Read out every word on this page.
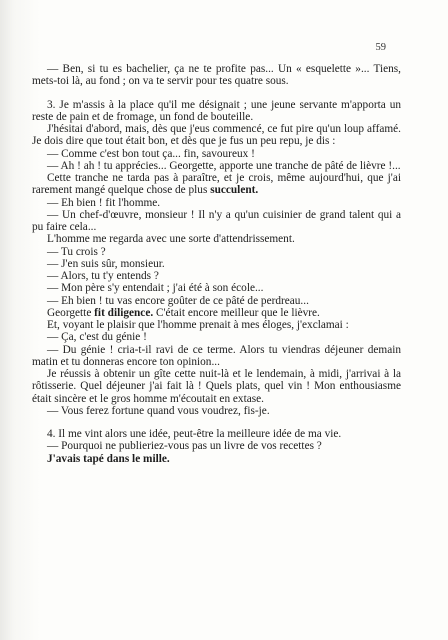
59

— Ben, si tu es bachelier, ça ne te profite pas... Un « esquelette »... Tiens, mets-toi là, au fond ; on va te servir pour tes quatre sous.

3. Je m'assis à la place qu'il me désignait ; une jeune servante m'apporta un reste de pain et de fromage, un fond de bouteille.

J'hésitai d'abord, mais, dès que j'eus commencé, ce fut pire qu'un loup affamé. Je dois dire que tout était bon, et dès que je fus un peu repu, je dis :

— Comme c'est bon tout ça... fin, savoureux !

— Ah ! ah ! tu apprécies... Georgette, apporte une tranche de pâté de lièvre !...

Cette tranche ne tarda pas à paraître, et je crois, même aujourd'hui, que j'ai rarement mangé quelque chose de plus succulent.

— Eh bien ! fit l'homme.

— Un chef-d'œuvre, monsieur ! Il n'y a qu'un cuisinier de grand talent qui a pu faire cela...

L'homme me regarda avec une sorte d'attendrissement.

— Tu crois ?

— J'en suis sûr, monsieur.

— Alors, tu t'y entends ?

— Mon père s'y entendait ; j'ai été à son école...

— Eh bien ! tu vas encore goûter de ce pâté de perdreau...

Georgette fit diligence. C'était encore meilleur que le lièvre.

Et, voyant le plaisir que l'homme prenait à mes éloges, j'exclamai :

— Ça, c'est du génie !

— Du génie ! cria-t-il ravi de ce terme. Alors tu viendras déjeuner demain matin et tu donneras encore ton opinion...

Je réussis à obtenir un gîte cette nuit-là et le lendemain, à midi, j'arrivai à la rôtisserie. Quel déjeuner j'ai fait là ! Quels plats, quel vin ! Mon enthousiasme était sincère et le gros homme m'écoutait en extase.

— Vous ferez fortune quand vous voudrez, fis-je.

4. Il me vint alors une idée, peut-être la meilleure idée de ma vie.

— Pourquoi ne publieriez-vous pas un livre de vos recettes ?

J'avais tapé dans le mille.
